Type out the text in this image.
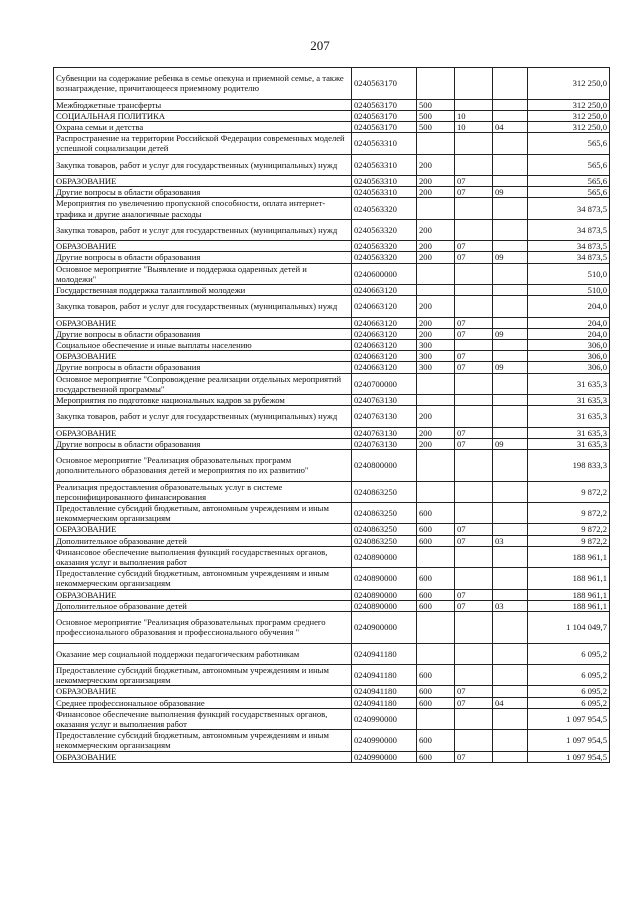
207
Субвенции на содержание ребенка в семье опекуна и приемной семье, а также вознаграждение, причитающееся приемному родителю	0240563170				312 250,0
Межбюджетные трансферты	0240563170	500			312 250,0
СОЦИАЛЬНАЯ ПОЛИТИКА	0240563170	500	10		312 250,0
Охрана семьи и детства	0240563170	500	10	04	312 250,0
Распространение на территории Российской Федерации современных моделей успешной социализации детей	0240563310				565,6
Закупка товаров, работ и услуг для государственных (муниципальных) нужд	0240563310	200			565,6
ОБРАЗОВАНИЕ	0240563310	200	07		565,6
Другие вопросы в области образования	0240563310	200	07	09	565,6
Мероприятия по увеличению пропускной способности, оплата интернет-трафика и другие аналогичные расходы	0240563320				34 873,5
Закупка товаров, работ и услуг для государственных (муниципальных) нужд	0240563320	200			34 873,5
ОБРАЗОВАНИЕ	0240563320	200	07		34 873,5
Другие вопросы в области образования	0240563320	200	07	09	34 873,5
Основное мероприятие "Выявление и поддержка одаренных детей и молодежи"	0240600000				510,0
Государственная поддержка талантливой молодежи	0240663120				510,0
Закупка товаров, работ и услуг для государственных (муниципальных) нужд	0240663120	200			204,0
ОБРАЗОВАНИЕ	0240663120	200	07		204,0
Другие вопросы в области образования	0240663120	200	07	09	204,0
Социальное обеспечение и иные выплаты населению	0240663120	300			306,0
ОБРАЗОВАНИЕ	0240663120	300	07		306,0
Другие вопросы в области образования	0240663120	300	07	09	306,0
Основное мероприятие "Сопровождение реализации отдельных мероприятий государственной программы"	0240700000				31 635,3
Мероприятия по подготовке национальных кадров за рубежом	0240763130				31 635,3
Закупка товаров, работ и услуг для государственных (муниципальных) нужд	0240763130	200			31 635,3
ОБРАЗОВАНИЕ	0240763130	200	07		31 635,3
Другие вопросы в области образования	0240763130	200	07	09	31 635,3
Основное мероприятие "Реализация образовательных программ дополнительного образования детей и мероприятия по их развитию"	0240800000				198 833,3
Реализация предоставления образовательных услуг в системе персонифицированного финансирования	0240863250				9 872,2
Предоставление субсидий бюджетным, автономным учреждениям и иным некоммерческим организациям	0240863250	600			9 872,2
ОБРАЗОВАНИЕ	0240863250	600	07		9 872,2
Дополнительное образование детей	0240863250	600	07	03	9 872,2
Финансовое обеспечение выполнения функций государственных органов, оказания услуг и выполнения работ	0240890000				188 961,1
Предоставление субсидий бюджетным, автономным учреждениям и иным некоммерческим организациям	0240890000	600			188 961,1
ОБРАЗОВАНИЕ	0240890000	600	07		188 961,1
Дополнительное образование детей	0240890000	600	07	03	188 961,1
Основное мероприятие "Реализация образовательных программ среднего профессионального образования и профессионального обучения "	0240900000				1 104 049,7
Оказание мер социальной поддержки педагогическим работникам	0240941180				6 095,2
Предоставление субсидий бюджетным, автономным учреждениям и иным некоммерческим организациям	0240941180	600			6 095,2
ОБРАЗОВАНИЕ	0240941180	600	07		6 095,2
Среднее профессиональное образование	0240941180	600	07	04	6 095,2
Финансовое обеспечение выполнения функций государственных органов, оказания услуг и выполнения работ	0240990000				1 097 954,5
Предоставление субсидий бюджетным, автономным учреждениям и иным некоммерческим организациям	0240990000	600			1 097 954,5
ОБРАЗОВАНИЕ	0240990000	600	07		1 097 954,5
